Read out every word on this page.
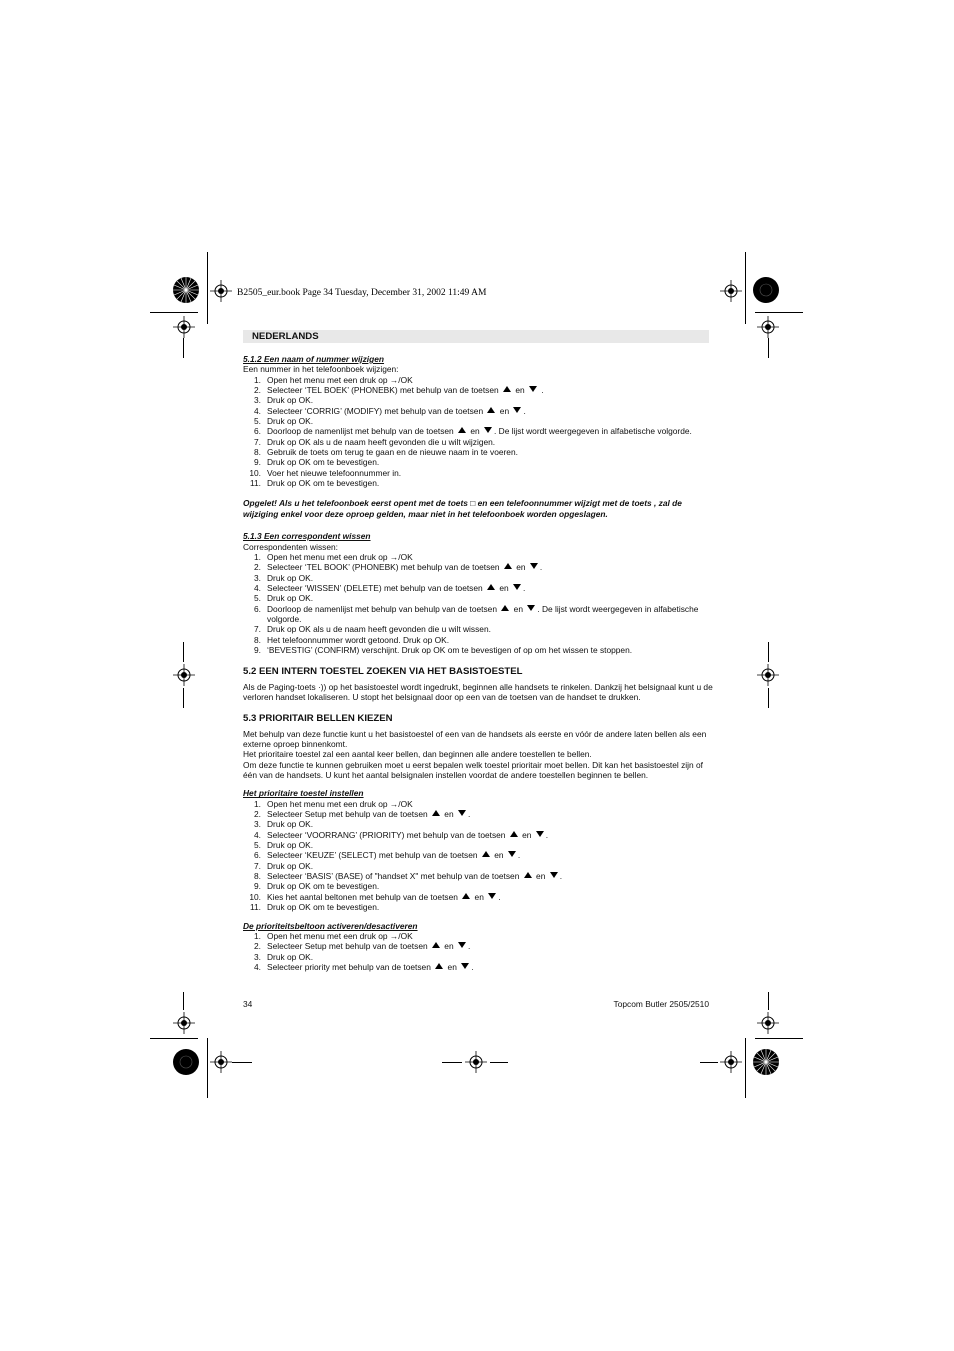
B2505_eur.book Page 34 Tuesday, December 31, 2002 11:49 AM
NEDERLANDS
5.1.2 Een naam of nummer wijzigen
Een nummer in het telefoonboek wijzigen:
1. Open het menu met een druk op →/OK
2. Selecteer ‘TEL BOEK’ (PHONEBK) met behulp van de toetsen  en  .
3. Druk op OK.
4. Selecteer ‘CORRIG’ (MODIFY) met behulp van de toetsen  en .
5. Druk op OK.
6. Doorloop de namenlijst met behulp van de toetsen  en . De lijst wordt weergegeven in alfabetische volgorde.
7. Druk op OK als u de naam heeft gevonden die u wilt wijzigen.
8. Gebruik de toets om terug te gaan en de nieuwe naam in te voeren.
9. Druk op OK om te bevestigen.
10. Voer het nieuwe telefoonnummer in.
11. Druk op OK om te bevestigen.
Opgelet! Als u het telefoonboek eerst opent met de toets □ en een telefoonnummer wijzigt met de toets , zal de wijziging enkel voor deze oproep gelden, maar niet in het telefoonboek worden opgeslagen.
5.1.3 Een correspondent wissen
Correspondenten wissen:
1. Open het menu met een druk op →/OK
2. Selecteer ‘TEL BOOK’ (PHONEBK) met behulp van de toetsen  en .
3. Druk op OK.
4. Selecteer ‘WISSEN’ (DELETE) met behulp van de toetsen  en .
5. Druk op OK.
6. Doorloop de namenlijst met behulp van behulp van de toetsen  en . De lijst wordt weergegeven in alfabetische volgorde.
7. Druk op OK als u de naam heeft gevonden die u wilt wissen.
8. Het telefoonnummer wordt getoond. Druk op OK.
9. ‘BEVESTIG’ (CONFIRM) verschijnt. Druk op OK om te bevestigen of op om het wissen te stoppen.
5.2 EEN INTERN TOESTEL ZOEKEN VIA HET BASISTOESTEL

Als de Paging-toets ·)) op het basistoestel wordt ingedrukt, beginnen alle handsets te rinkelen. Dankzij het belsignaal kunt u de verloren handset lokaliseren. U stopt het belsignaal door op een van de toetsen van de handset te drukken.

5.3 PRIORITAIR BELLEN KIEZEN

Met behulp van deze functie kunt u het basistoestel of een van de handsets als eerste en vóór de andere laten bellen als een externe oproep binnenkomt.

Het prioritaire toestel zal een aantal keer bellen, dan beginnen alle andere toestellen te bellen.

Om deze functie te kunnen gebruiken moet u eerst bepalen welk toestel prioritair moet bellen. Dit kan het basistoestel zijn of één van de handsets. U kunt het aantal belsignalen instellen voordat de andere toestellen beginnen te bellen.

Het prioritaire toestel instellen
1. Open het menu met een druk op →/OK
2. Selecteer Setup met behulp van de toetsen  en .
3. Druk op OK.
4. Selecteer ‘VOORRANG’ (PRIORITY) met behulp van de toetsen  en .
5. Druk op OK.
6. Selecteer ‘KEUZE’ (SELECT) met behulp van de toetsen  en .
7. Druk op OK.
8. Selecteer ‘BASIS’ (BASE) of "handset X" met behulp van de toetsen  en .
9. Druk op OK om te bevestigen.
10. Kies het aantal beltonen met behulp van de toetsen  en .
11. Druk op OK om te bevestigen.
De prioriteitsbeltoon activeren/desactiveren
1. Open het menu met een druk op →/OK
2. Selecteer Setup met behulp van de toetsen  en .
3. Druk op OK.
4. Selecteer priority met behulp van de toetsen  en .
34	Topcom Butler 2505/2510
